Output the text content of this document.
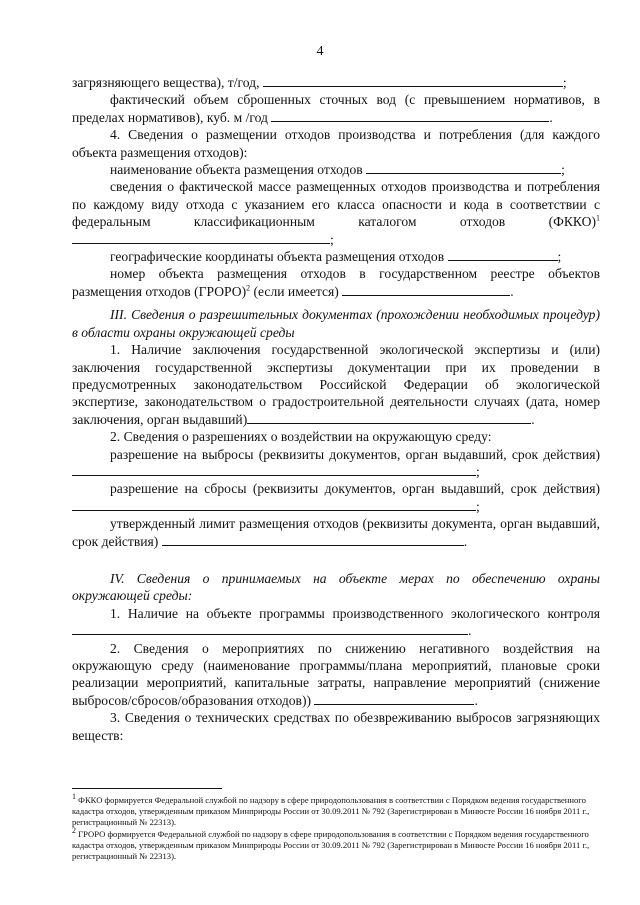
4

загрязняющего вещества), т/год,	;

фактический объем сброшенных сточных вод (с превышением нормативов, в пределах нормативов), куб. м /год	.

4. Сведения о размещении отходов производства и потребления (для каждого объекта размещения отходов):

наименование объекта размещения отходов	;

сведения о фактической массе размещенных отходов производства и потребления по каждому виду отхода с указанием его класса опасности и кода в соответствии с федеральным классификационным каталогом отходов (ФККО)$^1$;

географические координаты объекта размещения отходов	;

номер объекта размещения отходов в государственном реестре объектов размещения отходов (ГРОРО)$^2$ (если имеется)	.

III. Сведения о разрешительных документах (прохождении необходимых процедур) в области охраны окружающей среды

1. Наличие заключения государственной экологической экспертизы и (или) заключения государственной экспертизы документации при их проведении в предусмотренных законодательством Российской Федерации об экологической экспертизе, законодательством о градостроительной деятельности случаях (дата, номер заключения, орган выдавший)	.

2. Сведения о разрешениях о воздействии на окружающую среду:

разрешение на выбросы (реквизиты документов, орган выдавший, срок действия);

разрешение на сбросы (реквизиты документов, орган выдавший, срок действия) ;

утвержденный лимит размещения отходов (реквизиты документа, орган выдавший, срок действия)	.

IV. Сведения о принимаемых на объекте мерах по обеспечению охраны окружающей среды:

1. Наличие на объекте программы производственного экологического контроля.

2. Сведения о мероприятиях по снижению негативного воздействия на окружающую среду (наименование программы/плана мероприятий, плановые сроки реализации мероприятий, капитальные затраты, направление мероприятий (снижение выбросов/сбросов/образования отходов))	.

3. Сведения о технических средствах по обезвреживанию выбросов загрязняющих веществ:

$^1$ ФККО формируется Федеральной службой по надзору в сфере природопользования в соответствии с Порядком ведения государственного кадастра отходов, утвержденным приказом Минприроды России от 30.09.2011 № 792 (Зарегистрирован в Минюсте России 16 ноября 2011 г., регистрационный № 22313).

$^2$ ГРОРО формируется Федеральной службой по надзору в сфере природопользования в соответствии с Порядком ведения государственного кадастра отходов, утвержденным приказом Минприроды России от 30.09.2011 № 792 (Зарегистрирован в Минюсте России 16 ноября 2011 г., регистрационный № 22313).
